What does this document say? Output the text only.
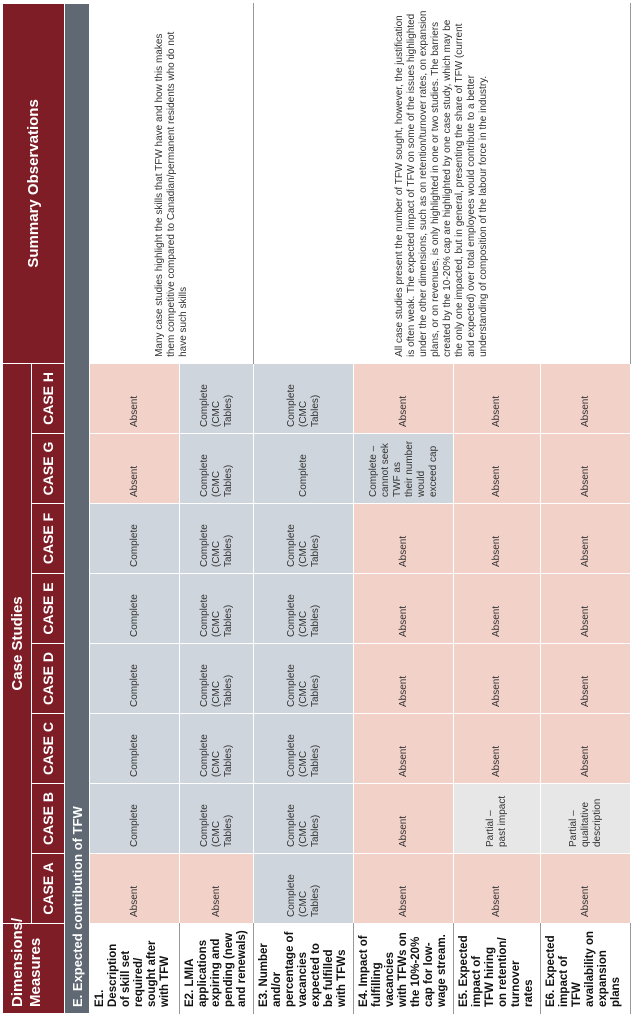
Dimensions/ Measures	Case Studies								Summary Observations
	CASE A	CASE B	CASE C	CASE D	CASE E	CASE F	CASE G	CASE H	
E. Expected contribution of TFW									
E1. Description of skill set required/ sought after with TFW	Absent	Complete	Complete	Complete	Complete	Complete	Absent	Absent	Many case studies highlight the skills that TFW have and how this makes them competitive compared to Canadian/permanent residents who do not have such skills
E2. LMIA applications expiring and pending (new and renewals)	Absent	Complete (CMC Tables)	Complete (CMC Tables)	Complete (CMC Tables)	Complete (CMC Tables)	Complete (CMC Tables)	Complete (CMC Tables)	Complete (CMC Tables)	
E3. Number and/or percentage of vacancies expected to be fulfilled with TFWs	Complete (CMC Tables)	Complete (CMC Tables)	Complete (CMC Tables)	Complete (CMC Tables)	Complete (CMC Tables)	Complete (CMC Tables)	Complete	Complete (CMC Tables)	All case studies present the number of TFW sought, however, the justification is often weak. The expected impact of TFW on some of the issues highlighted under the other dimensions, such as on retention/turnover rates, on expansion plans, or on revenues, is only highlighted in one or two studies. The barriers created by the 10-20% cap are highlighted by one case study, which may be the only one impacted, but in general, presenting the share of TFW (current and expected) over total employees would contribute to a better understanding of composition of the labour force in the industry.
E4. Impact of fulfilling vacancies with TFWs on the 10%-20% cap for low-wage stream.	Absent	Absent	Absent	Absent	Absent	Absent	Complete – cannot seek TWF as their number would exceed cap	Absent	
E5. Expected impact of TFW hiring on retention/ turnover rates	Absent	Partial – past impact	Absent	Absent	Absent	Absent	Absent	Absent	
E6. Expected impact of TFW availability on expansion plans	Absent	Partial – qualitative description	Absent	Absent	Absent	Absent	Absent	Absent	
